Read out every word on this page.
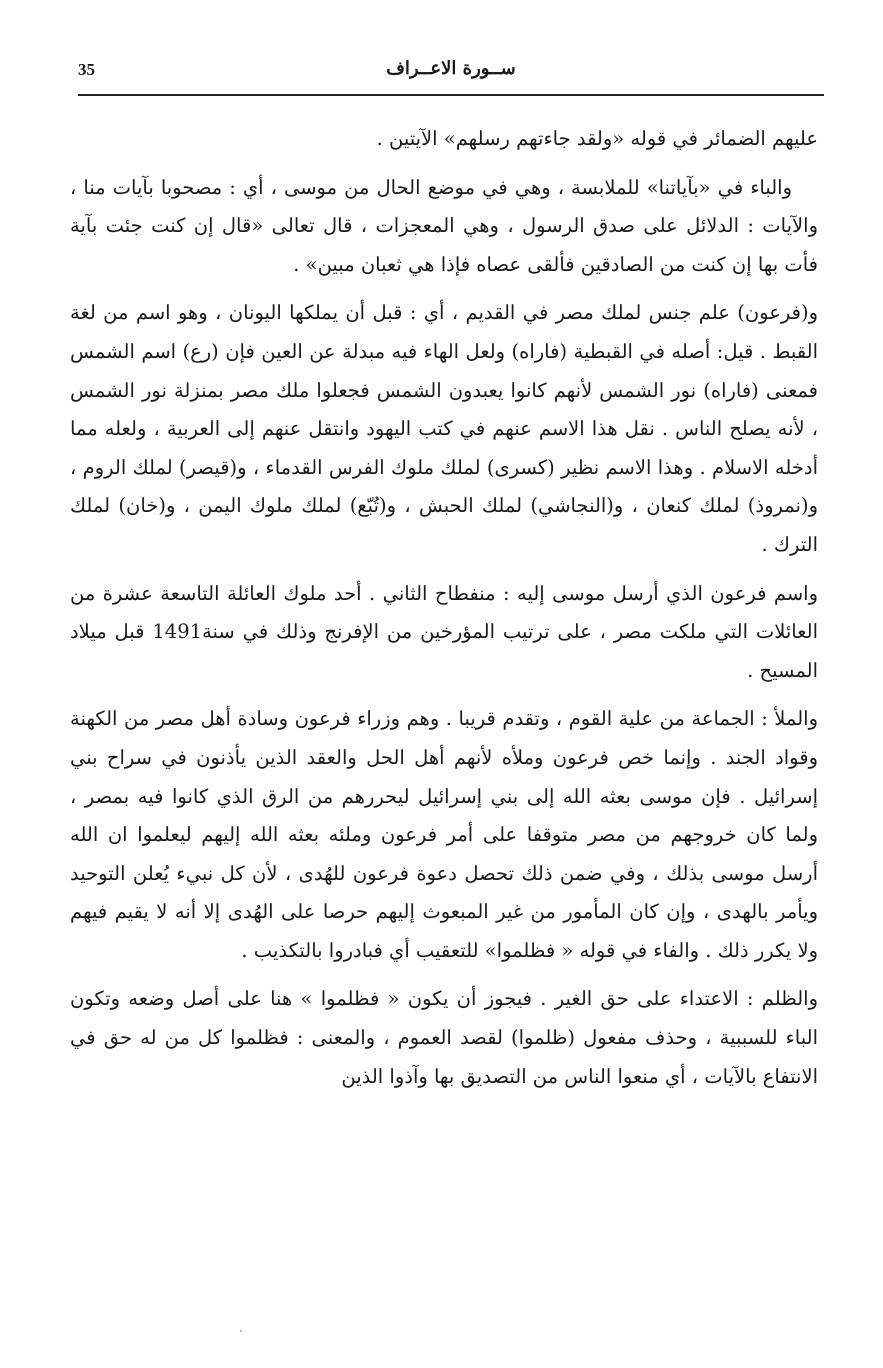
35	ســورة الاعــراف

عليهم الضمائر في قوله «ولقد جاءتهم رسلهم» الآيتين .

والباء في «بآياتنا» للملابسة ، وهي في موضع الحال من موسى ، أي : مصحوبا بآيات منا ، والآيات : الدلائل على صدق الرسول ، وهي المعجزات ، قال تعالى «قال إن كنت جئت بآية فأت بها إن كنت من الصادقين فألقى عصاه فإذا هي ثعبان مبين» .

و(فرعون) علم جنس لملك مصر في القديم ، أي : قبل أن يملكها اليونان ، وهو اسم من لغة القبط . قيل: أصله في القبطية (فاراه) ولعل الهاء فيه مبدلة عن العين فإن (رع) اسم الشمس فمعنى (فاراه) نور الشمس لأنهم كانوا يعبدون الشمس فجعلوا ملك مصر بمنزلة نور الشمس ، لأنه يصلح الناس . نقل هذا الاسم عنهم في كتب اليهود وانتقل عنهم إلى العربية ، ولعله مما أدخله الاسلام . وهذا الاسم نظير (كسرى) لملك ملوك الفرس القدماء ، و(قيصر) لملك الروم ، و(نمروذ) لملك كنعان ، و(النجاشي) لملك الحبش ، و(تُبّع) لملك ملوك اليمن ، و(خان) لملك الترك .

واسم فرعون الذي أرسل موسى إليه : منفطاح الثاني . أحد ملوك العائلة التاسعة عشرة من العائلات التي ملكت مصر ، على ترتيب المؤرخين من الإفرنج وذلك في سنة1491 قبل ميلاد المسيح .

والملأ : الجماعة من علية القوم ، وتقدم قريبا . وهم وزراء فرعون وسادة أهل مصر من الكهنة وقواد الجند . وإنما خص فرعون وملأه لأنهم أهل الحل والعقد الذين يأذنون في سراح بني إسرائيل . فإن موسى بعثه الله إلى بني إسرائيل ليحررهم من الرق الذي كانوا فيه بمصر ، ولما كان خروجهم من مصر متوقفا على أمر فرعون وملئه بعثه الله إليهم ليعلموا ان الله أرسل موسى بذلك ، وفي ضمن ذلك تحصل دعوة فرعون للهُدى ، لأن كل نبيء يُعلن التوحيد ويأمر بالهدى ، وإن كان المأمور من غير المبعوث إليهم حرصا على الهُدى إلا أنه لا يقيم فيهم ولا يكرر ذلك . والفاء في قوله « فظلموا» للتعقيب أي فبادروا بالتكذيب .

والظلم : الاعتداء على حق الغير . فيجوز أن يكون « فظلموا » هنا على أصل وضعه وتكون الباء للسببية ، وحذف مفعول (ظلموا) لقصد العموم ، والمعنى : فظلموا كل من له حق في الانتفاع بالآيات ، أي منعوا الناس من التصديق بها وآذوا الذين
